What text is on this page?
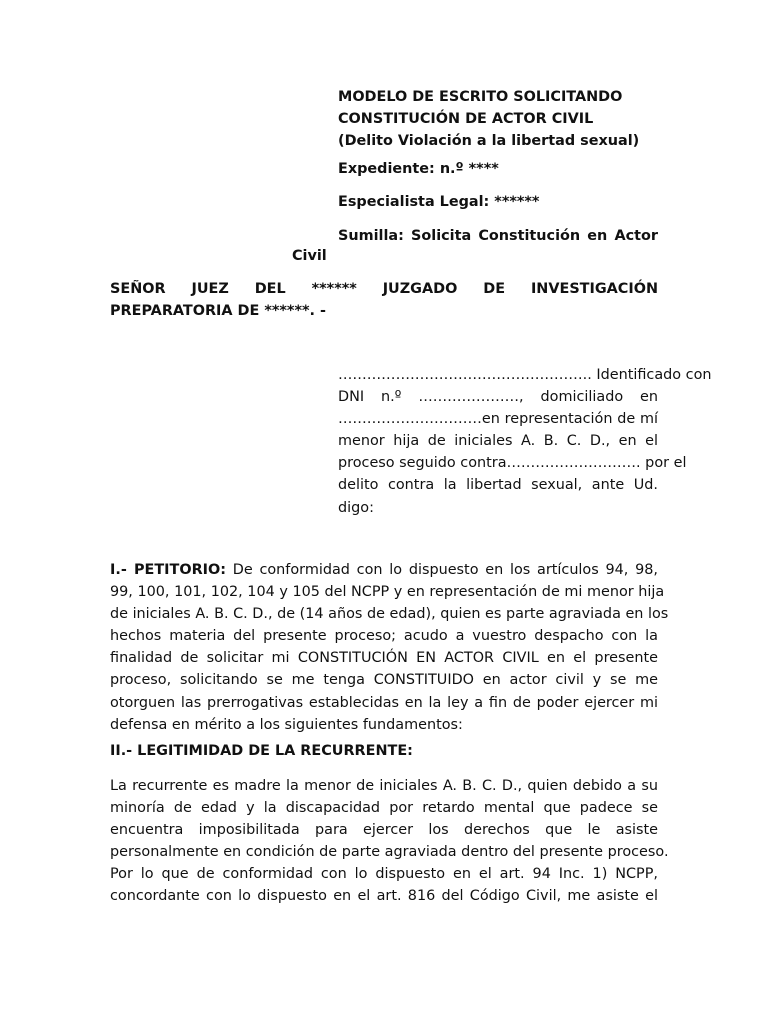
MODELO DE ESCRITO SOLICITANDO
CONSTITUCIÓN DE ACTOR CIVIL
(Delito Violación a la libertad sexual)
Expediente: n.º ****
Especialista Legal: ******
Sumilla: Solicita Constitución en Actor
Civil
SEÑOR JUEZ DEL ****** JUZGADO DE INVESTIGACIÓN
PREPARATORIA DE ******. -
…………………………………………….. Identificado con
DNI n.º …………………, domiciliado en
…………………………en representación de mí
menor hija de iniciales A. B. C. D., en el
proceso seguido contra………………………. por el
delito contra la libertad sexual, ante Ud.
digo:
I.- PETITORIO: De conformidad con lo dispuesto en los artículos 94, 98,
99, 100, 101, 102, 104 y 105 del NCPP y en representación de mi menor hija
de iniciales A. B. C. D., de (14 años de edad), quien es parte agraviada en los
hechos materia del presente proceso; acudo a vuestro despacho con la
finalidad de solicitar mi CONSTITUCIÓN EN ACTOR CIVIL en el presente
proceso, solicitando se me tenga CONSTITUIDO en actor civil y se me
otorguen las prerrogativas establecidas en la ley a fin de poder ejercer mi
defensa en mérito a los siguientes fundamentos:
II.- LEGITIMIDAD DE LA RECURRENTE:
La recurrente es madre la menor de iniciales A. B. C. D., quien debido a su
minoría de edad y la discapacidad por retardo mental que padece se
encuentra imposibilitada para ejercer los derechos que le asiste
personalmente en condición de parte agraviada dentro del presente proceso.
Por lo que de conformidad con lo dispuesto en el art. 94 Inc. 1) NCPP,
concordante con lo dispuesto en el art. 816 del Código Civil, me asiste el
